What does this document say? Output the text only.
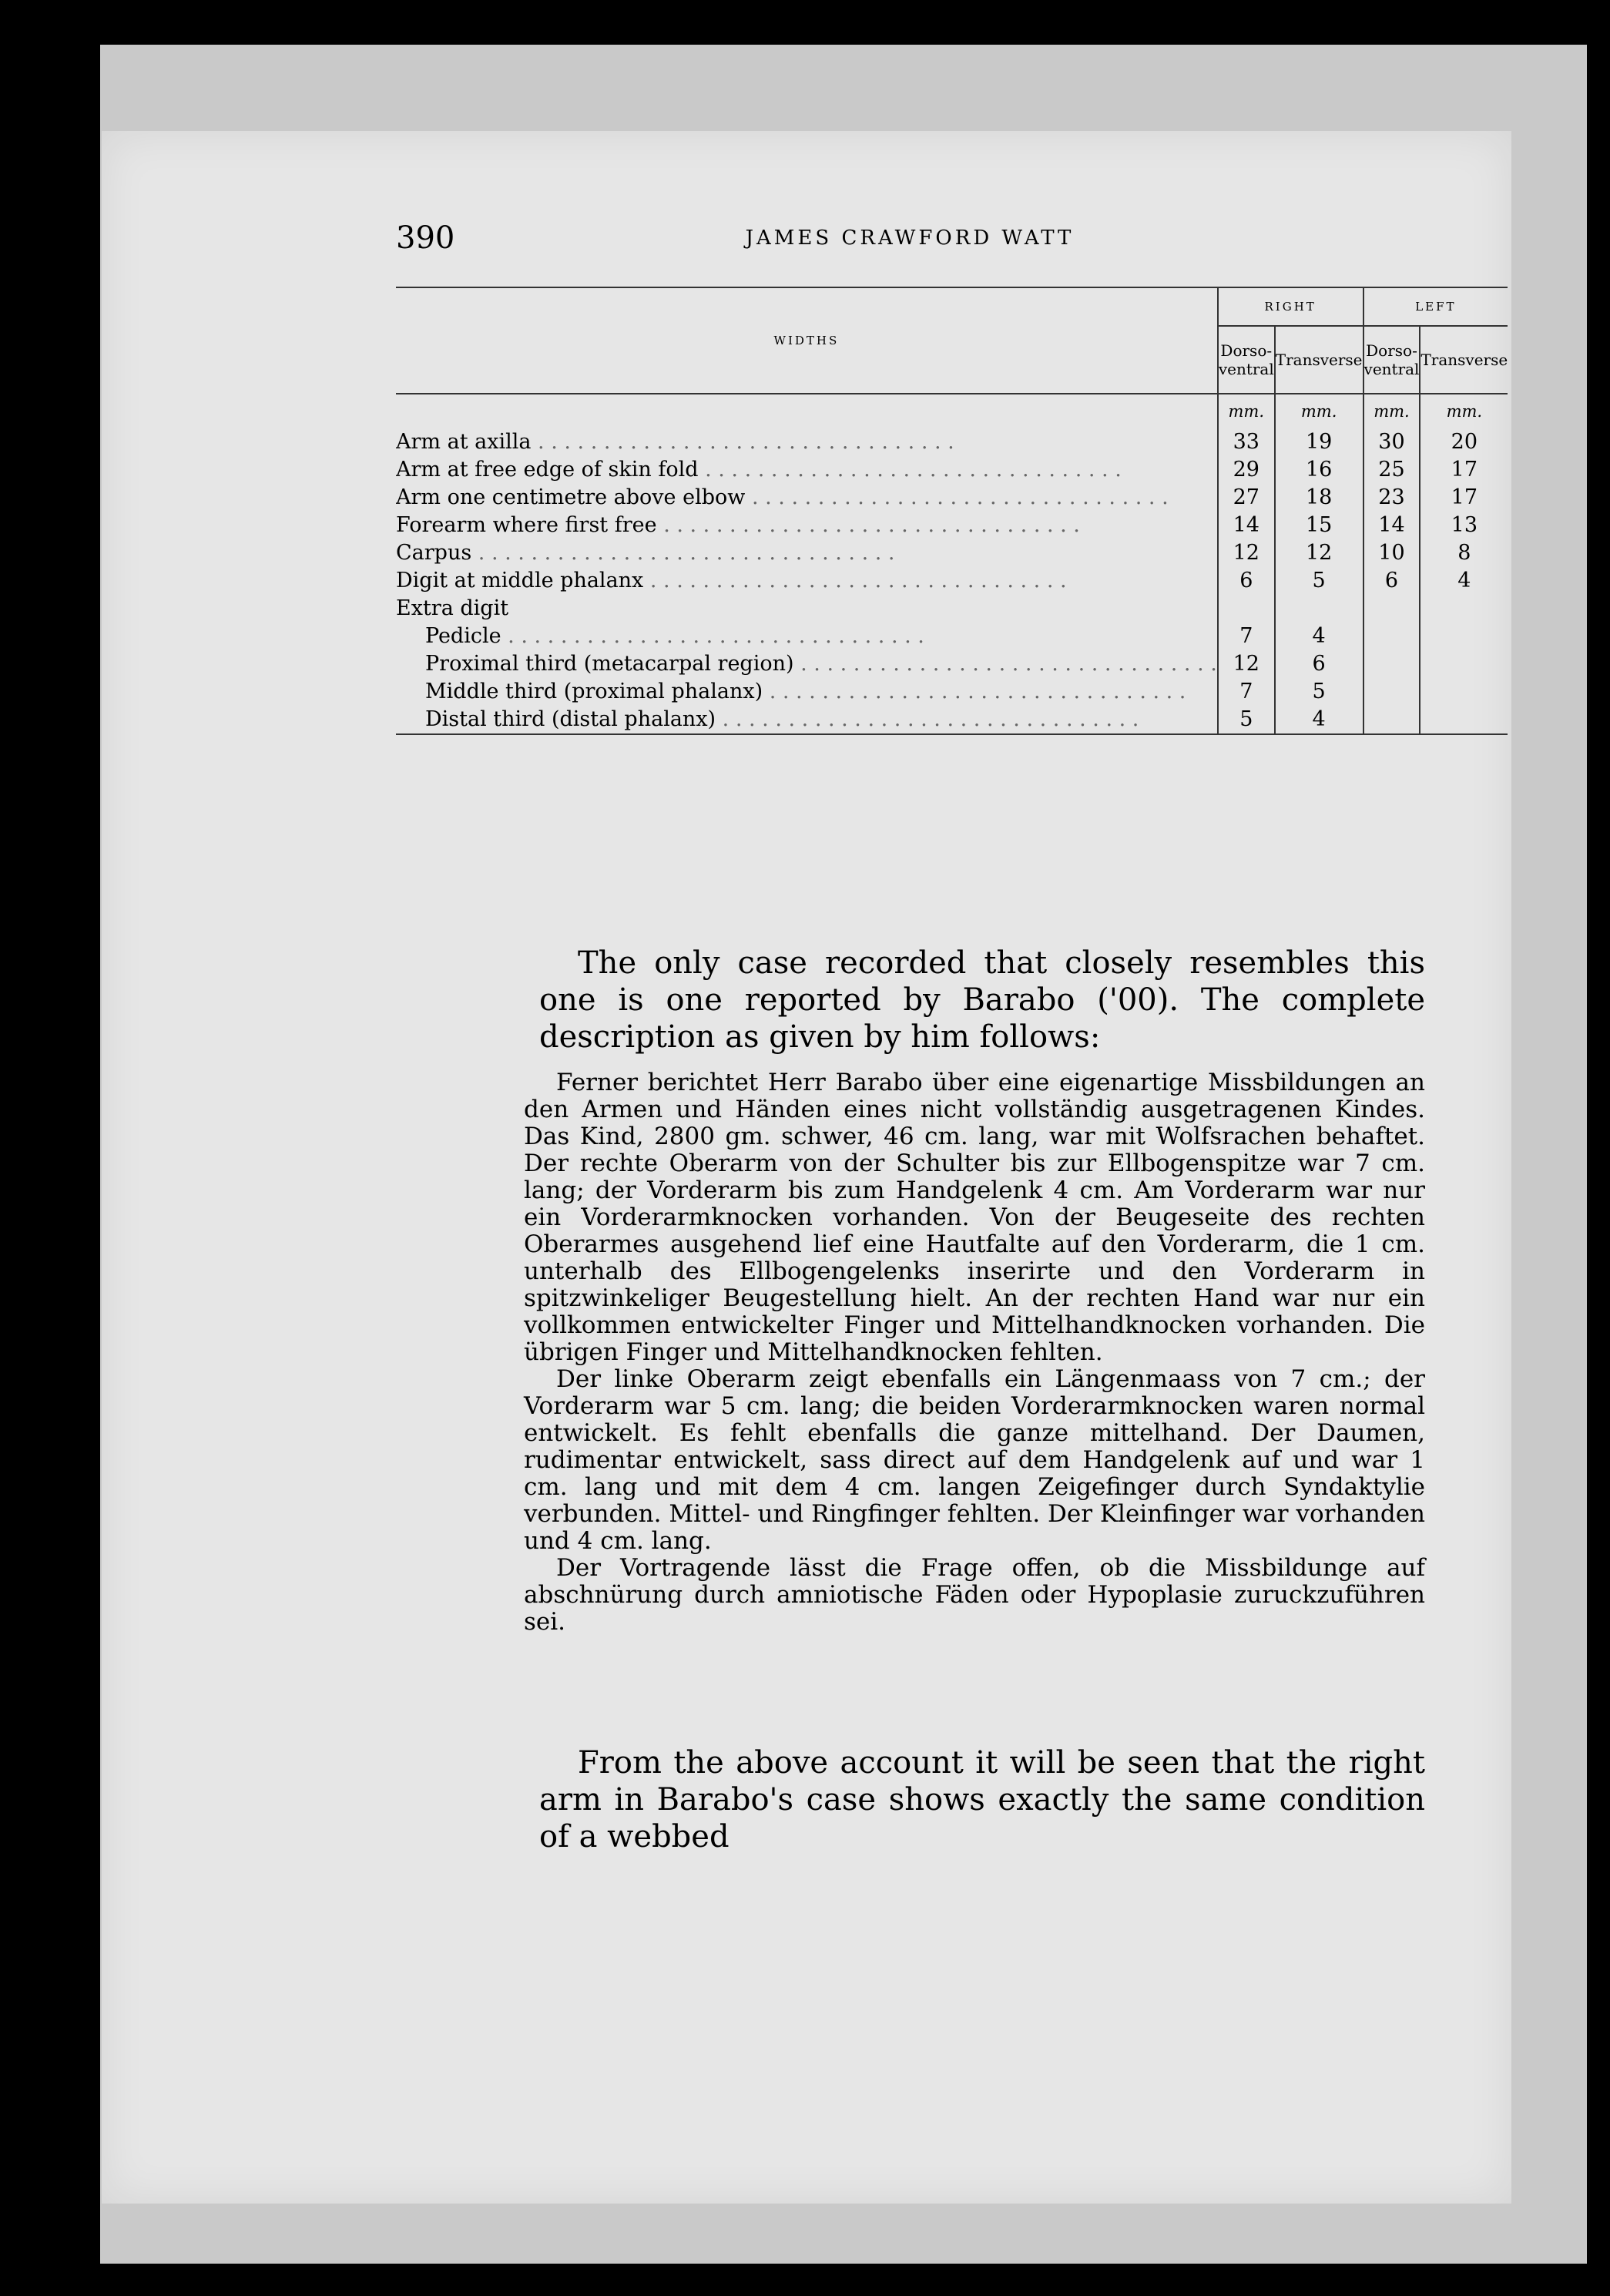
390	JAMES CRAWFORD WATT
WIDTHS	RIGHT		LEFT	
	Dorso-ventral	Transverse	Dorso-ventral	Transverse
	mm.	mm.	mm.	mm.
Arm at axilla . . . . . . . . . . . . . . . . . . . . . . . . . . . . . . . .	33	19	30	20
Arm at free edge of skin fold . . . . . . . . . . . . . . . . . . . . . . . . . . . . . . . .	29	16	25	17
Arm one centimetre above elbow . . . . . . . . . . . . . . . . . . . . . . . . . . . . . . . .	27	18	23	17
Forearm where first free . . . . . . . . . . . . . . . . . . . . . . . . . . . . . . . .	14	15	14	13
Carpus . . . . . . . . . . . . . . . . . . . . . . . . . . . . . . . .	12	12	10	8
Digit at middle phalanx . . . . . . . . . . . . . . . . . . . . . . . . . . . . . . . .	6	5	6	4
Extra digit				
Pedicle . . . . . . . . . . . . . . . . . . . . . . . . . . . . . . . .	7	4		
Proximal third (metacarpal region) . . . . . . . . . . . . . . . . . . . . . . . . . . . . . . . .	12	6		
Middle third (proximal phalanx) . . . . . . . . . . . . . . . . . . . . . . . . . . . . . . . .	7	5		
Distal third (distal phalanx) . . . . . . . . . . . . . . . . . . . . . . . . . . . . . . . .	5	4		

The only case recorded that closely resembles this one is one reported by Barabo ('00). The complete description as given by him follows:

Ferner berichtet Herr Barabo über eine eigenartige Missbildungen an den Armen und Händen eines nicht vollständig ausgetragenen Kindes. Das Kind, 2800 gm. schwer, 46 cm. lang, war mit Wolfsrachen behaftet. Der rechte Oberarm von der Schulter bis zur Ellbogenspitze war 7 cm. lang; der Vorderarm bis zum Handgelenk 4 cm. Am Vorderarm war nur ein Vorderarmknocken vorhanden. Von der Beugeseite des rechten Oberarmes ausgehend lief eine Hautfalte auf den Vorderarm, die 1 cm. unterhalb des Ellbogengelenks inserirte und den Vorderarm in spitzwinkeliger Beugestellung hielt. An der rechten Hand war nur ein vollkommen entwickelter Finger und Mittelhandknocken vorhanden. Die übrigen Finger und Mittelhandknocken fehlten.

Der linke Oberarm zeigt ebenfalls ein Längenmaass von 7 cm.; der Vorderarm war 5 cm. lang; die beiden Vorderarmknocken waren normal entwickelt. Es fehlt ebenfalls die ganze mittelhand. Der Daumen, rudimentar entwickelt, sass direct auf dem Handgelenk auf und war 1 cm. lang und mit dem 4 cm. langen Zeigefinger durch Syndaktylie verbunden. Mittel- und Ringfinger fehlten. Der Kleinfinger war vorhanden und 4 cm. lang.

Der Vortragende lässt die Frage offen, ob die Missbildunge auf abschnürung durch amniotische Fäden oder Hypoplasie zuruckzuführen sei.

From the above account it will be seen that the right arm in Barabo's case shows exactly the same condition of a webbed
